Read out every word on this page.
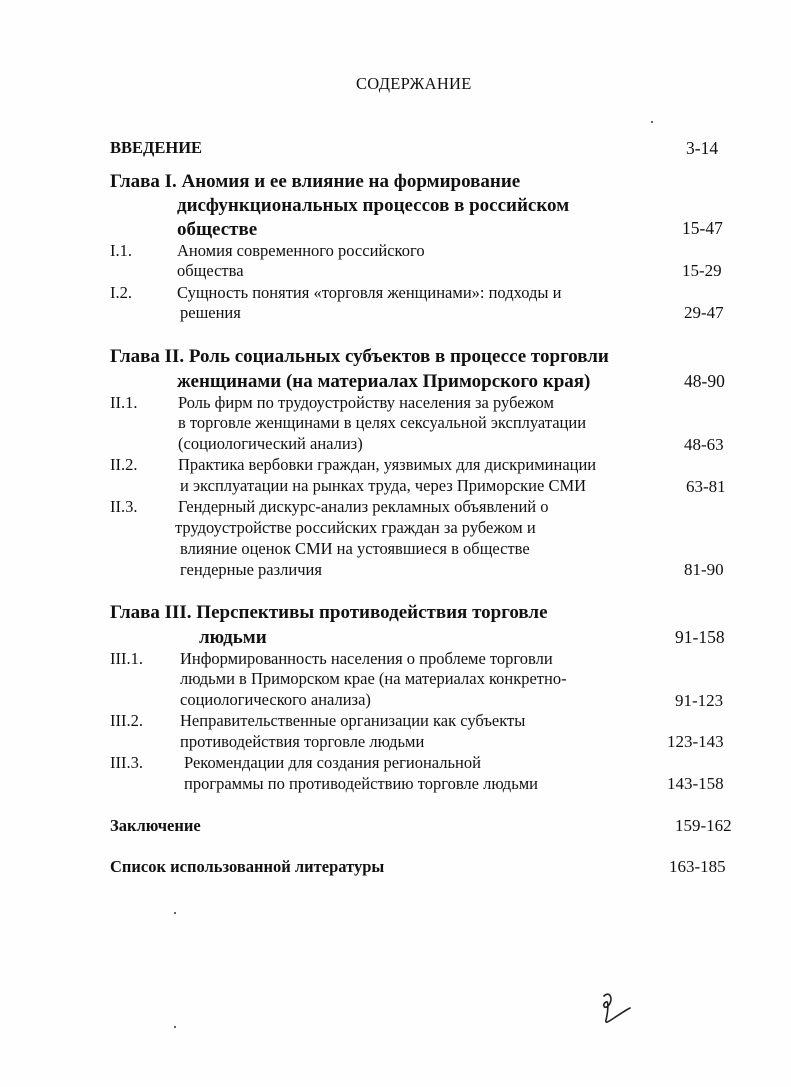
СОДЕРЖАНИЕ
ВВЕДЕНИЕ	3-14
Глава I. Аномия и ее влияние на формирование
дисфункциональных процессов в российском
обществе	15-47
I.1.	Аномия современного российского
общества	15-29
I.2.	Сущность понятия «торговля женщинами»: подходы и
решения	29-47
Глава II. Роль социальных субъектов в процессе торговли
женщинами (на материалах Приморского края)	48-90
II.1. Роль фирм по трудоустройству населения за рубежом
в торговле женщинами в целях сексуальной эксплуатации
(социологический анализ)	48-63
II.2. Практика вербовки граждан, уязвимых для дискриминации
и эксплуатации на рынках труда, через Приморские СМИ	63-81
II.3. Гендерный дискурс-анализ рекламных объявлений о
трудоустройстве российских граждан за рубежом и
влияние оценок СМИ на устоявшиеся в обществе
гендерные различия	81-90
Глава III. Перспективы противодействия торговле
людьми	91-158
III.1. Информированность населения о проблеме торговли
людьми в Приморском крае (на материалах конкретно-
социологического анализа)	91-123
III.2. Неправительственные организации как субъекты
противодействия торговле людьми	123-143
III.3. Рекомендации для создания региональной
программы по противодействию торговле людьми	143-158
Заключение	159-162
Список использованной литературы	163-185
